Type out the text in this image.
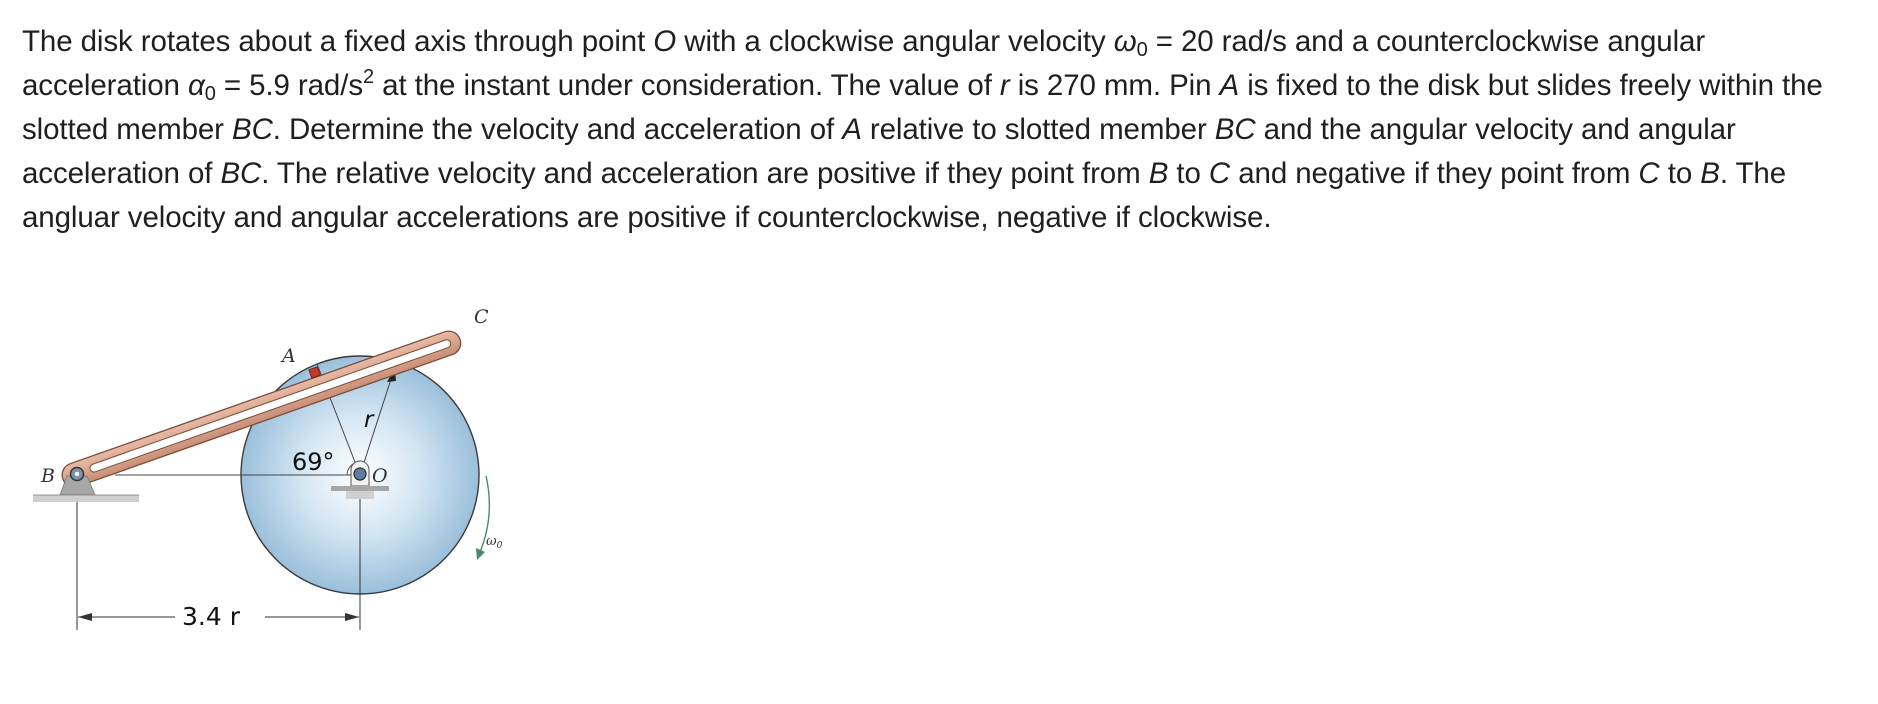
The disk rotates about a fixed axis through point O with a clockwise angular velocity $\omega_0 = 20$ rad/s and a counterclockwise angular acceleration $\alpha_0 = 5.9$ rad/$s^2$ at the instant under consideration. The value of r is 270 mm. Pin A is fixed to the disk but slides freely within the slotted member BC. Determine the velocity and acceleration of A relative to slotted member BC and the angular velocity and angular acceleration of BC. The relative velocity and acceleration are positive if they point from B to C and negative if they point from C to B. The angluar velocity and angular accelerations are positive if counterclockwise, negative if clockwise.

A
B
C
O
r
69°
$\omega_0$
3.4 r
